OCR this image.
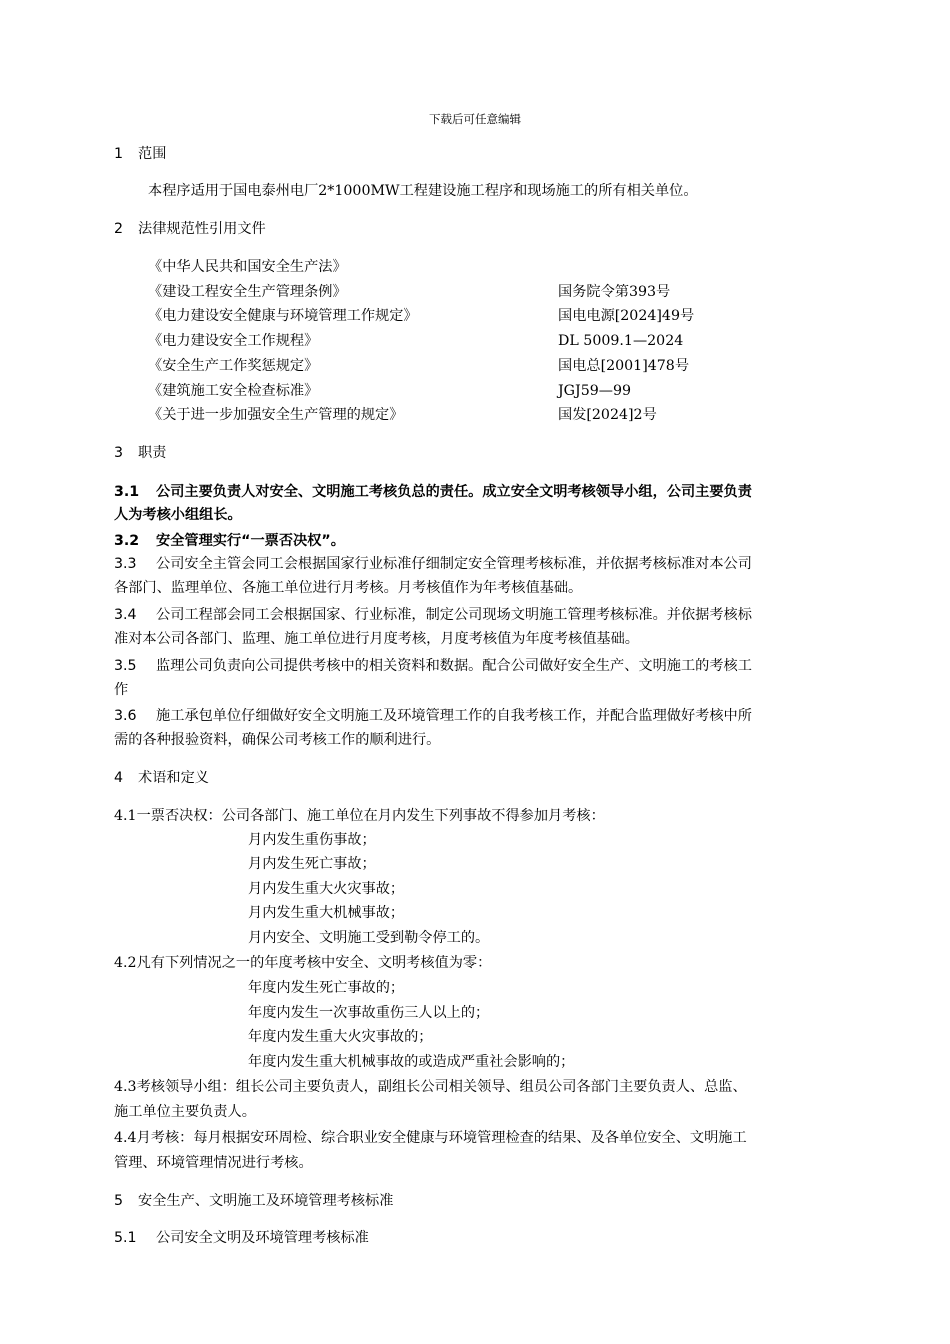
下载后可任意编辑
1 范围
本程序适用于国电泰州电厂2*1000MW工程建设施工程序和现场施工的所有相关单位。
2 法律规范性引用文件
《中华人民共和国安全生产法》
《建设工程安全生产管理条例》	国务院令第393号
《电力建设安全健康与环境管理工作规定》	国电电源[2024]49号
《电力建设安全工作规程》	DL 5009.1—2024
《安全生产工作奖惩规定》	国电总[2001]478号
《建筑施工安全检查标准》	JGJ59—99
《关于进一步加强安全生产管理的规定》	国发[2024]2号
3 职责
3.1 公司主要负责人对安全、文明施工考核负总的责任。成立安全文明考核领导小组，公司主要负责
人为考核小组组长。
3.2 安全管理实行“一票否决权”。
3.3 公司安全主管会同工会根据国家行业标准仔细制定安全管理考核标准，并依据考核标准对本公司
各部门、监理单位、各施工单位进行月考核。月考核值作为年考核值基础。
3.4 公司工程部会同工会根据国家、行业标准，制定公司现场文明施工管理考核标准。并依据考核标
准对本公司各部门、监理、施工单位进行月度考核，月度考核值为年度考核值基础。
3.5 监理公司负责向公司提供考核中的相关资料和数据。配合公司做好安全生产、文明施工的考核工
作
3.6 施工承包单位仔细做好安全文明施工及环境管理工作的自我考核工作，并配合监理做好考核中所
需的各种报验资料，确保公司考核工作的顺利进行。
4 术语和定义
4.1一票否决权：公司各部门、施工单位在月内发生下列事故不得参加月考核：
月内发生重伤事故；
月内发生死亡事故；
月内发生重大火灾事故；
月内发生重大机械事故；
月内安全、文明施工受到勒令停工的。
4.2凡有下列情况之一的年度考核中安全、文明考核值为零：
年度内发生死亡事故的；
年度内发生一次事故重伤三人以上的；
年度内发生重大火灾事故的；
年度内发生重大机械事故的或造成严重社会影响的；
4.3考核领导小组：组长公司主要负责人，副组长公司相关领导、组员公司各部门主要负责人、总监、
施工单位主要负责人。
4.4月考核：每月根据安环周检、综合职业安全健康与环境管理检查的结果、及各单位安全、文明施工
管理、环境管理情况进行考核。
5 安全生产、文明施工及环境管理考核标准
5.1 公司安全文明及环境管理考核标准
